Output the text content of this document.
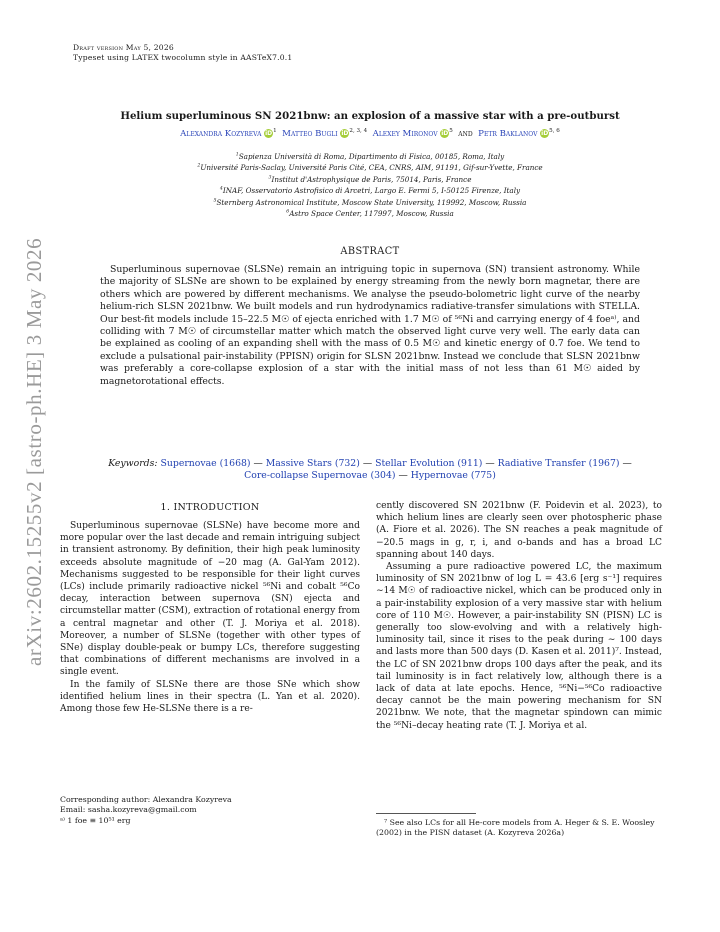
Draft version May 5, 2026
Typeset using LATEX twocolumn style in AASTeX7.0.1
arXiv:2602.15255v2 [astro-ph.HE] 3 May 2026
Helium superluminous SN 2021bnw: an explosion of a massive star with a pre-outburst
Alexandra Kozyreva $iD^1$ Matteo Bugli iD$^{2, 3, 4}$ Alexey Mironov $iD^5$ and Petr Baklanov iD$^{5, 6}$
$^1$Sapienza Università di Roma, Dipartimento di Fisica, 00185, Roma, Italy
$^2$Université Paris-Saclay, Université Paris Cité, CEA, CNRS, AIM, 91191, Gif-sur-Yvette, France
$^3$Institut d'Astrophysique de Paris, 75014, Paris, France
$^4$INAF, Osservatorio Astrofisico di Arcetri, Largo E. Fermi 5, I-50125 Firenze, Italy
$^5$Sternberg Astronomical Institute, Moscow State University, 119992, Moscow, Russia
$^6$Astro Space Center, 117997, Moscow, Russia
ABSTRACT
Superluminous supernovae (SLSNe) remain an intriguing topic in supernova (SN) transient astronomy. While the majority of SLSNe are shown to be explained by energy streaming from the newly born magnetar, there are others which are powered by different mechanisms. We analyse the pseudo-bolometric light curve of the nearby helium-rich SLSN 2021bnw. We built models and run hydrodynamics radiative-transfer simulations with STELLA. Our best-fit models include 15–22.5 M☉ of ejecta enriched with 1.7 M☉ of ⁵⁶Ni and carrying energy of 4 foeᵃ⁾, and colliding with 7 M☉ of circumstellar matter which match the observed light curve very well. The early data can be explained as cooling of an expanding shell with the mass of 0.5 M☉ and kinetic energy of 0.7 foe. We tend to exclude a pulsational pair-instability (PPISN) origin for SLSN 2021bnw. Instead we conclude that SLSN 2021bnw was preferably a core-collapse explosion of a star with the initial mass of not less than 61 M☉ aided by magnetorotational effects.
Keywords: Supernovae (1668) — Massive Stars (732) — Stellar Evolution (911) — Radiative Transfer (1967) — Core-collapse Supernovae (304) — Hypernovae (775)
1. INTRODUCTION

Superluminous supernovae (SLSNe) have become more and more popular over the last decade and remain intriguing subject in transient astronomy. By definition, their high peak luminosity exceeds absolute magnitude of −20 mag (A. Gal-Yam 2012). Mechanisms suggested to be responsible for their light curves (LCs) include primarily radioactive nickel ⁵⁶Ni and cobalt ⁵⁶Co decay, interaction between supernova (SN) ejecta and circumstellar matter (CSM), extraction of rotational energy from a central magnetar and other (T. J. Moriya et al. 2018). Moreover, a number of SLSNe (together with other types of SNe) display double-peak or bumpy LCs, therefore suggesting that combinations of different mechanisms are involved in a single event.

In the family of SLSNe there are those SNe which show identified helium lines in their spectra (L. Yan et al. 2020). Among those few He-SLSNe there is a re-

Corresponding author: Alexandra Kozyreva
Email: sasha.kozyreva@gmail.com
ᵃ⁾ 1 foe ≡ 10⁵¹ erg

cently discovered SN 2021bnw (F. Poidevin et al. 2023), to which helium lines are clearly seen over photospheric phase (A. Fiore et al. 2026). The SN reaches a peak magnitude of −20.5 mags in g, r, i, and o-bands and has a broad LC spanning about 140 days.

Assuming a pure radioactive powered LC, the maximum luminosity of SN 2021bnw of log L = 43.6 [erg s⁻¹] requires ∼14 M☉ of radioactive nickel, which can be produced only in a pair-instability explosion of a very massive star with helium core of 110 M☉. However, a pair-instability SN (PISN) LC is generally too slow-evolving and with a relatively high-luminosity tail, since it rises to the peak during ∼ 100 days and lasts more than 500 days (D. Kasen et al. 2011)⁷. Instead, the LC of SN 2021bnw drops 100 days after the peak, and its tail luminosity is in fact relatively low, although there is a lack of data at late epochs. Hence, ⁵⁶Ni−⁵⁶Co radioactive decay cannot be the main powering mechanism for SN 2021bnw. We note, that the magnetar spindown can mimic the ⁵⁶Ni–decay heating rate (T. J. Moriya et al.

⁷ See also LCs for all He-core models from A. Heger & S. E. Woosley (2002) in the PISN dataset (A. Kozyreva 2026a)
